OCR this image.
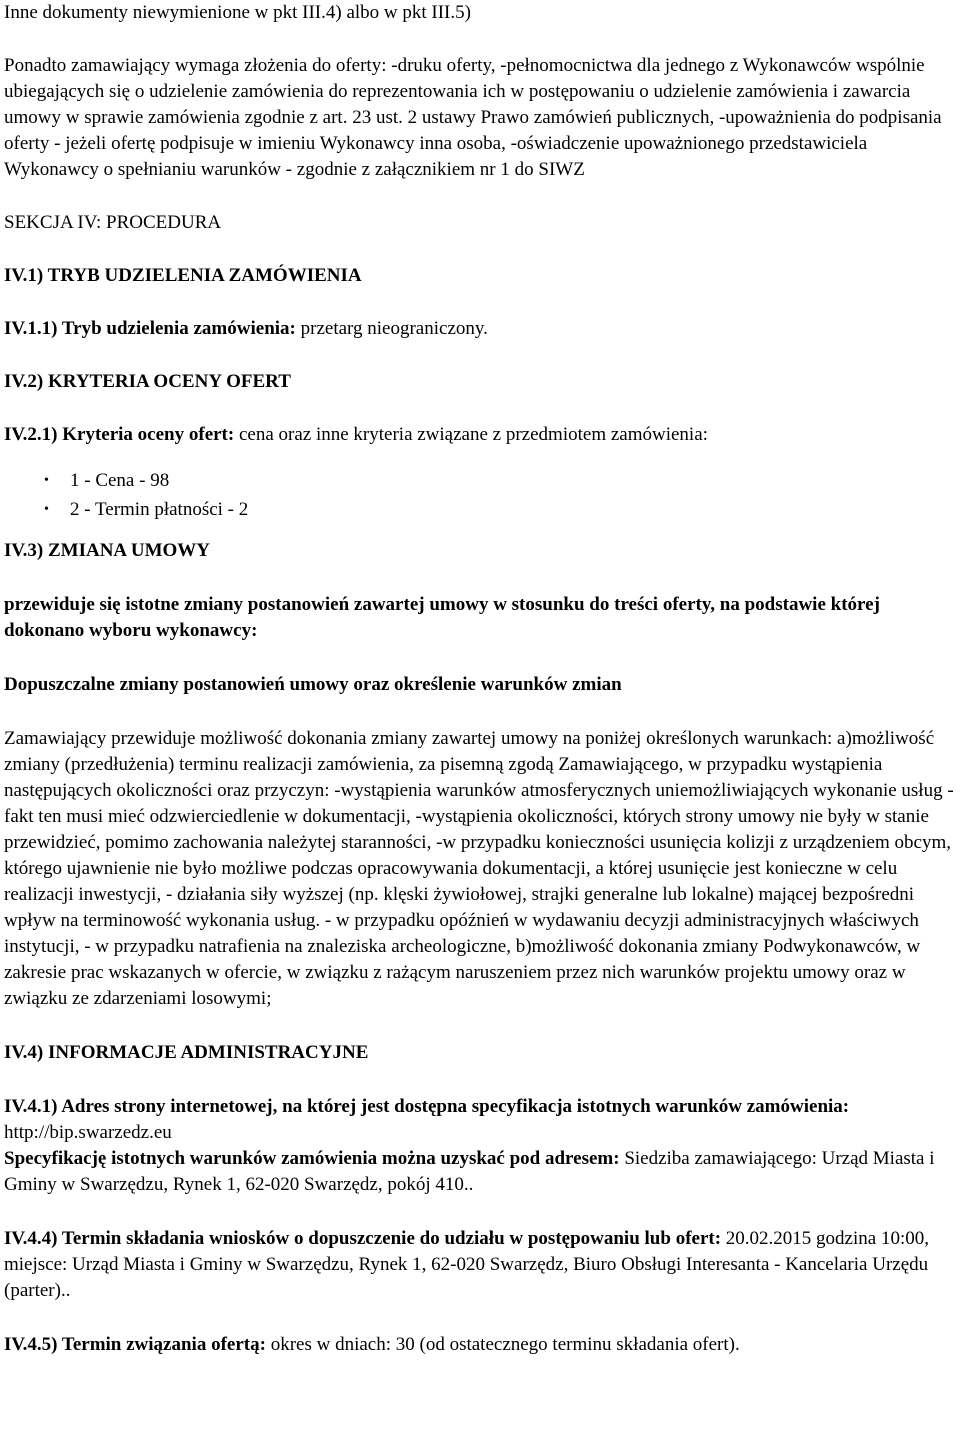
Inne dokumenty niewymienione w pkt III.4) albo w pkt III.5)

Ponadto zamawiający wymaga złożenia do oferty: -druku oferty, -pełnomocnictwa dla jednego z Wykonawców wspólnie ubiegających się o udzielenie zamówienia do reprezentowania ich w postępowaniu o udzielenie zamówienia i zawarcia umowy w sprawie zamówienia zgodnie z art. 23 ust. 2 ustawy Prawo zamówień publicznych, -upoważnienia do podpisania oferty - jeżeli ofertę podpisuje w imieniu Wykonawcy inna osoba, -oświadczenie upoważnionego przedstawiciela Wykonawcy o spełnianiu warunków - zgodnie z załącznikiem nr 1 do SIWZ

SEKCJA IV: PROCEDURA

IV.1) TRYB UDZIELENIA ZAMÓWIENIA

IV.1.1) Tryb udzielenia zamówienia: przetarg nieograniczony.

IV.2) KRYTERIA OCENY OFERT

IV.2.1) Kryteria oceny ofert: cena oraz inne kryteria związane z przedmiotem zamówienia:

• 1 - Cena - 98
• 2 - Termin płatności - 2

IV.3) ZMIANA UMOWY

przewiduje się istotne zmiany postanowień zawartej umowy w stosunku do treści oferty, na podstawie której dokonano wyboru wykonawcy:

Dopuszczalne zmiany postanowień umowy oraz określenie warunków zmian

Zamawiający przewiduje możliwość dokonania zmiany zawartej umowy na poniżej określonych warunkach: a)możliwość zmiany (przedłużenia) terminu realizacji zamówienia, za pisemną zgodą Zamawiającego, w przypadku wystąpienia następujących okoliczności oraz przyczyn: -wystąpienia warunków atmosferycznych uniemożliwiających wykonanie usług - fakt ten musi mieć odzwierciedlenie w dokumentacji, -wystąpienia okoliczności, których strony umowy nie były w stanie przewidzieć, pomimo zachowania należytej staranności, -w przypadku konieczności usunięcia kolizji z urządzeniem obcym, którego ujawnienie nie było możliwe podczas opracowywania dokumentacji, a której usunięcie jest konieczne w celu realizacji inwestycji, - działania siły wyższej (np. klęski żywiołowej, strajki generalne lub lokalne) mającej bezpośredni wpływ na terminowość wykonania usług. - w przypadku opóźnień w wydawaniu decyzji administracyjnych właściwych instytucji, - w przypadku natrafienia na znaleziska archeologiczne, b)możliwość dokonania zmiany Podwykonawców, w zakresie prac wskazanych w ofercie, w związku z rażącym naruszeniem przez nich warunków projektu umowy oraz w związku ze zdarzeniami losowymi;

IV.4) INFORMACJE ADMINISTRACYJNE

IV.4.1) Adres strony internetowej, na której jest dostępna specyfikacja istotnych warunków zamówienia: http://bip.swarzedz.eu

Specyfikację istotnych warunków zamówienia można uzyskać pod adresem: Siedziba zamawiającego: Urząd Miasta i Gminy w Swarzędzu, Rynek 1, 62-020 Swarzędz, pokój 410..

IV.4.4) Termin składania wniosków o dopuszczenie do udziału w postępowaniu lub ofert: 20.02.2015 godzina 10:00, miejsce: Urząd Miasta i Gminy w Swarzędzu, Rynek 1, 62-020 Swarzędz, Biuro Obsługi Interesanta - Kancelaria Urzędu (parter)..

IV.4.5) Termin związania ofertą: okres w dniach: 30 (od ostatecznego terminu składania ofert).
